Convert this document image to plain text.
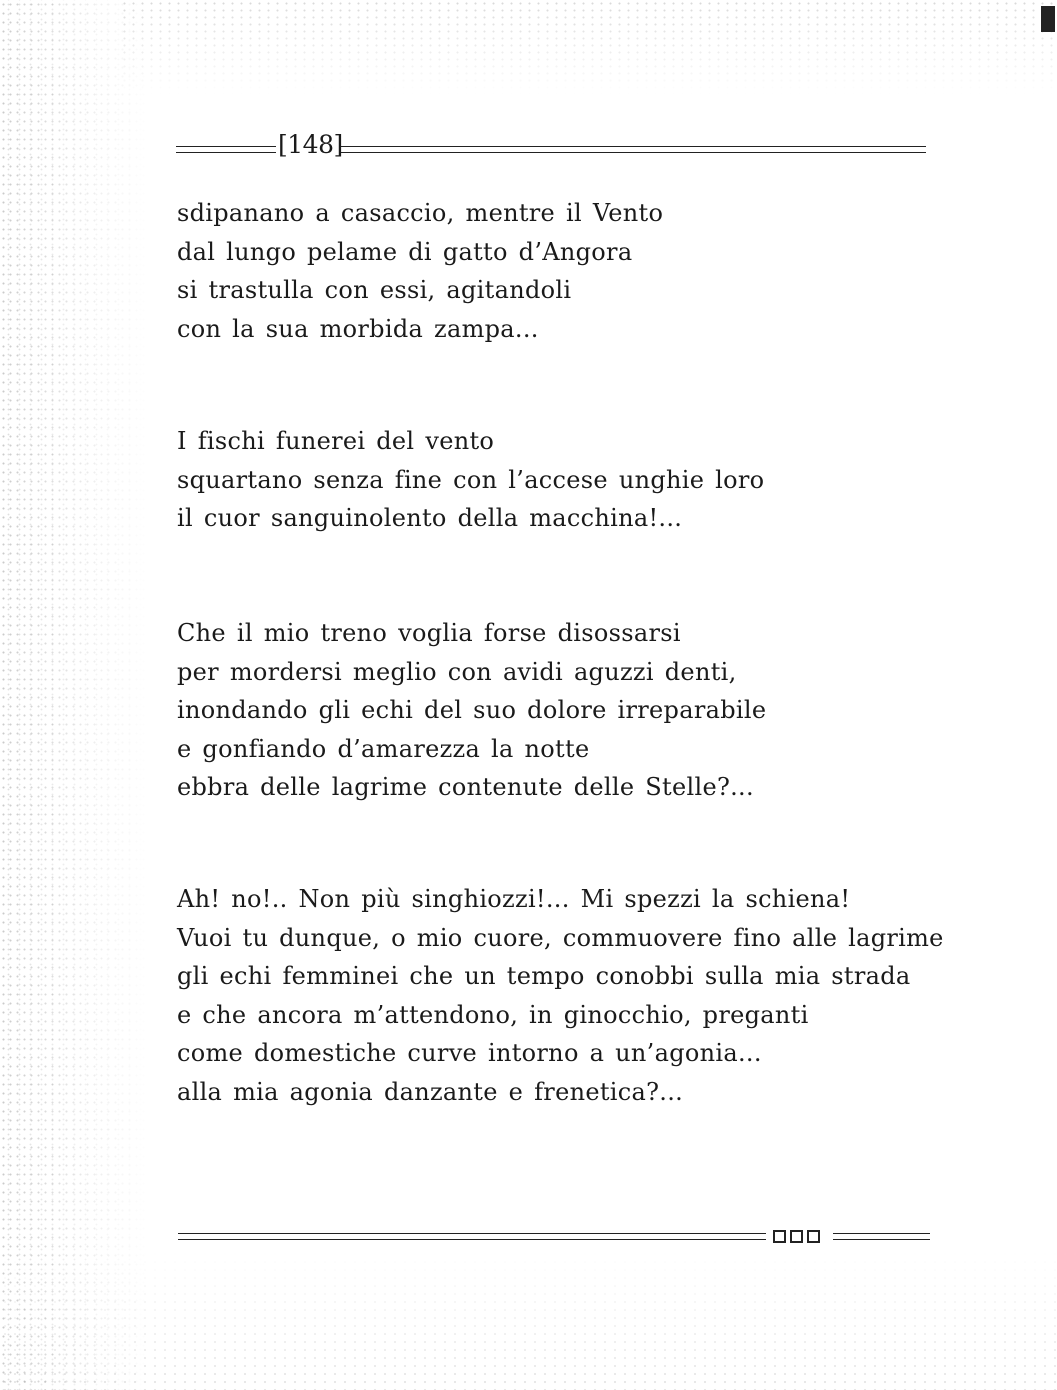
[148]
sdipanano a casaccio, mentre il Vento
dal lungo pelame di gatto d’Angora
si trastulla con essi, agitandoli
con la sua morbida zampa...
I fischi funerei del vento
squartano senza fine con l’accese unghie loro
il cuor sanguinolento della macchina!...
Che il mio treno voglia forse disossarsi
per mordersi meglio con avidi aguzzi denti,
inondando gli echi del suo dolore irreparabile
e gonfiando d’amarezza la notte
ebbra delle lagrime contenute delle Stelle?...
Ah! no!.. Non più singhiozzi!... Mi spezzi la schiena!
Vuoi tu dunque, o mio cuore, commuovere fino alle lagrime
gli echi femminei che un tempo conobbi sulla mia strada
e che ancora m’attendono, in ginocchio, preganti
come domestiche curve intorno a un’agonia...
alla mia agonia danzante e frenetica?...
